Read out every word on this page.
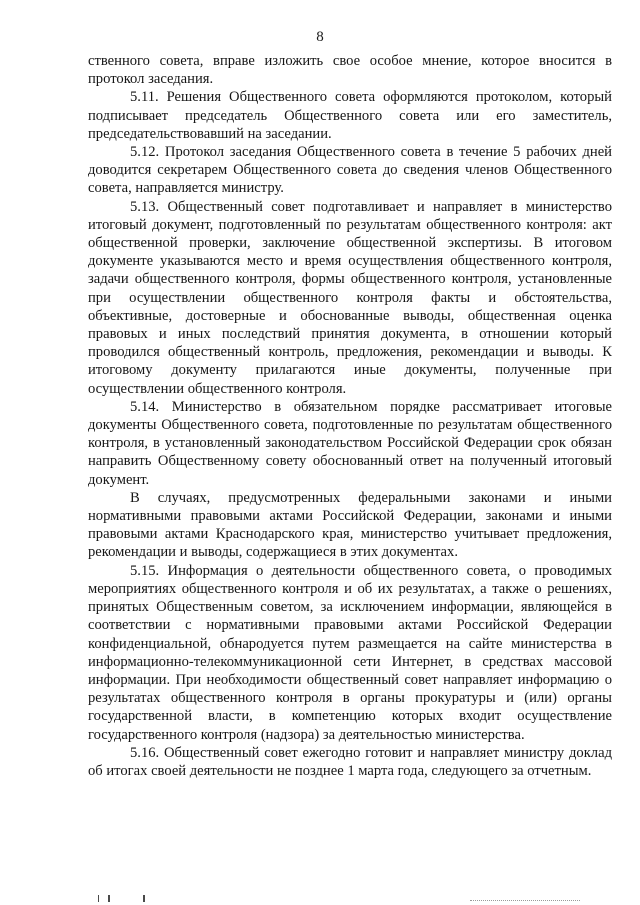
8

ственного совета, вправе изложить свое особое мнение, которое вносится в протокол заседания.

5.11. Решения Общественного совета оформляются протоколом, который подписывает председатель Общественного совета или его заместитель, председательствовавший на заседании.

5.12. Протокол заседания Общественного совета в течение 5 рабочих дней доводится секретарем Общественного совета до сведения членов Общественного совета, направляется министру.

5.13. Общественный совет подготавливает и направляет в министерство итоговый документ, подготовленный по результатам общественного контроля: акт общественной проверки, заключение общественной экспертизы. В итоговом документе указываются место и время осуществления общественного контроля, задачи общественного контроля, формы общественного контроля, установленные при осуществлении общественного контроля факты и обстоятельства, объективные, достоверные и обоснованные выводы, общественная оценка правовых и иных последствий принятия документа, в отношении который проводился общественный контроль, предложения, рекомендации и выводы. К итоговому документу прилагаются иные документы, полученные при осуществлении общественного контроля.

5.14. Министерство в обязательном порядке рассматривает итоговые документы Общественного совета, подготовленные по результатам общественного контроля, в установленный законодательством Российской Федерации срок обязан направить Общественному совету обоснованный ответ на полученный итоговый документ.

В случаях, предусмотренных федеральными законами и иными нормативными правовыми актами Российской Федерации, законами и иными правовыми актами Краснодарского края, министерство учитывает предложения, рекомендации и выводы, содержащиеся в этих документах.

5.15. Информация о деятельности общественного совета, о проводимых мероприятиях общественного контроля и об их результатах, а также о решениях, принятых Общественным советом, за исключением информации, являющейся в соответствии с нормативными правовыми актами Российской Федерации конфиденциальной, обнародуется путем размещается на сайте министерства в информационно-телекоммуникационной сети Интернет, в средствах массовой информации. При необходимости общественный совет направляет информацию о результатах общественного контроля в органы прокуратуры и (или) органы государственной власти, в компетенцию которых входит осуществление государственного контроля (надзора) за деятельностью министерства.

5.16. Общественный совет ежегодно готовит и направляет министру доклад об итогах своей деятельности не позднее 1 марта года, следующего за отчетным.
